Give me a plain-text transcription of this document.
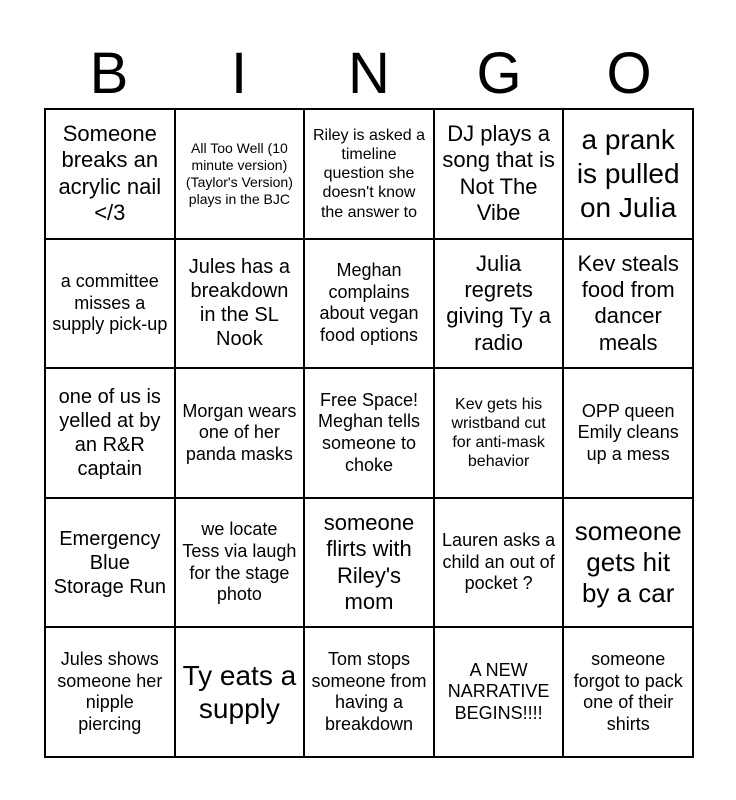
B	I	N	G	O
Someone breaks an acrylic nail </3
All Too Well (10 minute version) (Taylor's Version) plays in the BJC
Riley is asked a timeline question she doesn't know the answer to
DJ plays a song that is Not The Vibe
a prank is pulled on Julia
a committee misses a supply pick-up
Jules has a breakdown in the SL Nook
Meghan complains about vegan food options
Julia regrets giving Ty a radio
Kev steals food from dancer meals
one of us is yelled at by an R&R captain
Morgan wears one of her panda masks
Free Space! Meghan tells someone to choke
Kev gets his wristband cut for anti-mask behavior
OPP queen Emily cleans up a mess
Emergency Blue Storage Run
we locate Tess via laugh for the stage photo
someone flirts with Riley's mom
Lauren asks a child an out of pocket ?
someone gets hit by a car
Jules shows someone her nipple piercing
Ty eats a supply
Tom stops someone from having a breakdown
A NEW NARRATIVE BEGINS!!!!
someone forgot to pack one of their shirts
